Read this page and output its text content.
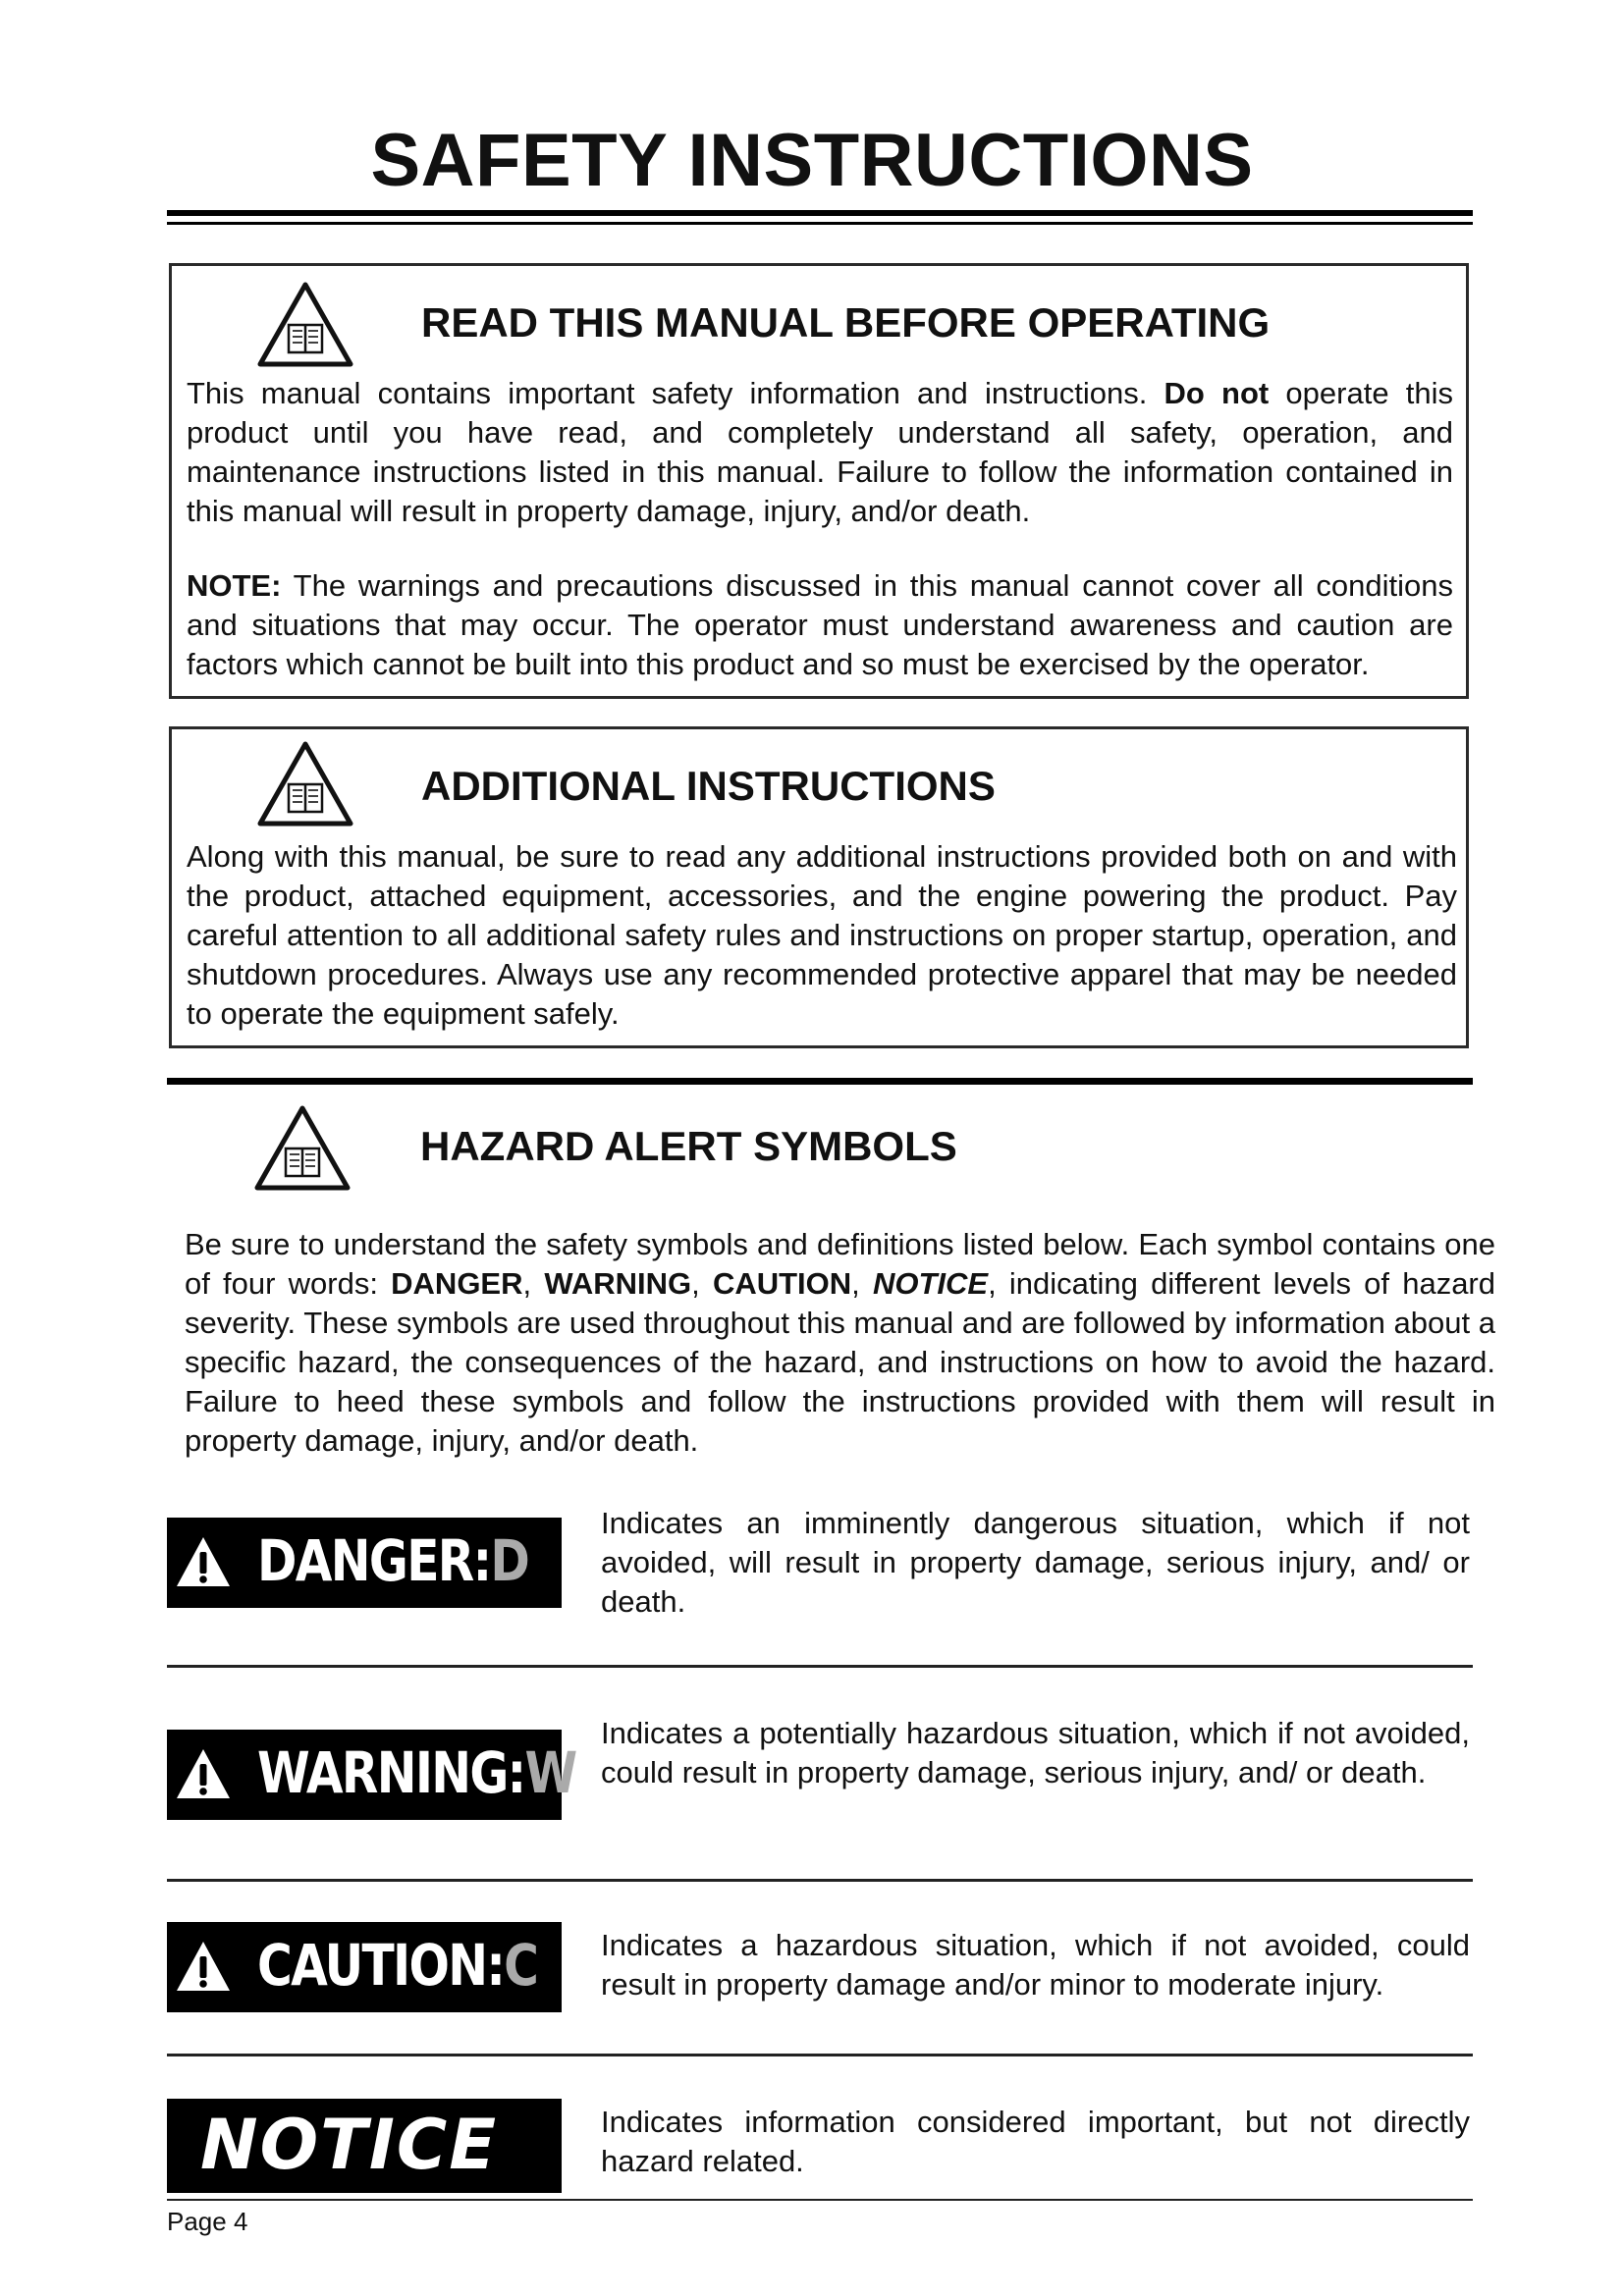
SAFETY INSTRUCTIONS
READ THIS MANUAL BEFORE OPERATING

This manual contains important safety information and instructions. Do not operate this product until you have read, and completely understand all safety, operation, and maintenance instructions listed in this manual. Failure to follow the information contained in this manual will result in property damage, injury, and/or death.

NOTE: The warnings and precautions discussed in this manual cannot cover all conditions and situations that may occur. The operator must understand awareness and caution are factors which cannot be built into this product and so must be exercised by the operator.

ADDITIONAL INSTRUCTIONS

Along with this manual, be sure to read any additional instructions provided both on and with the product, attached equipment, accessories, and the engine powering the product. Pay careful attention to all additional safety rules and instructions on proper startup, operation, and shutdown procedures. Always use any recommended protective apparel that may be needed to operate the equipment safely.

HAZARD ALERT SYMBOLS

Be sure to understand the safety symbols and definitions listed below. Each symbol contains one of four words: DANGER, WARNING, CAUTION, NOTICE, indicating different levels of hazard severity. These symbols are used throughout this manual and are followed by information about a specific hazard, the consequences of the hazard, and instructions on how to avoid the hazard. Failure to heed these symbols and follow the instructions provided with them will result in property damage, injury, and/or death.

DANGER:D

Indicates an imminently dangerous situation, which if not avoided, will result in property damage, serious injury, and/ or death.

WARNING:W

Indicates a potentially hazardous situation, which if not avoided, could result in property damage, serious injury, and/ or death.

CAUTION:C Indicates a hazardous situation, which if not avoided, could result in property damage and/or minor to moderate injury.

NOTICE	Indicates information considered important, but not directly hazard related.

Page 4
